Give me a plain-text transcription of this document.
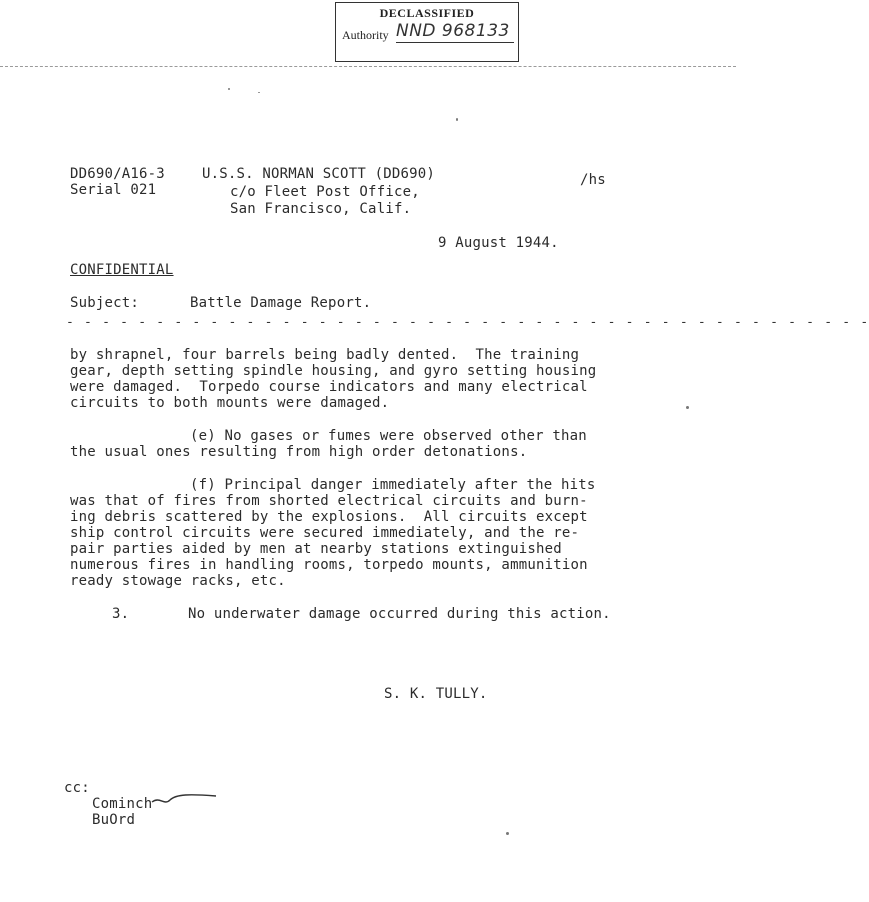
DECLASSIFIED
Authority NND 968133
DD690/A16-3
Serial 021
U.S.S. NORMAN SCOTT (DD690)
c/o Fleet Post Office,
San Francisco, Calif.
/hs
9 August 1944.
CONFIDENTIAL
Subject:	Battle Damage Report.
- - - - - - - - - - - - - - - - - - - - - - - - - - - - - - - - - - - - - - - - - - - - -
by shrapnel, four barrels being badly dented.  The training
gear, depth setting spindle housing, and gyro setting housing
were damaged.  Torpedo course indicators and many electrical
circuits to both mounts were damaged.
(e) No gases or fumes were observed other than
the usual ones resulting from high order detonations.
(f) Principal danger immediately after the hits
was that of fires from shorted electrical circuits and burn-
ing debris scattered by the explosions.  All circuits except
ship control circuits were secured immediately, and the re-
pair parties aided by men at nearby stations extinguished
numerous fires in handling rooms, torpedo mounts, ammunition
ready stowage racks, etc.
3.	No underwater damage occurred during this action.
S. K. TULLY.
cc:
Cominch
BuOrd
